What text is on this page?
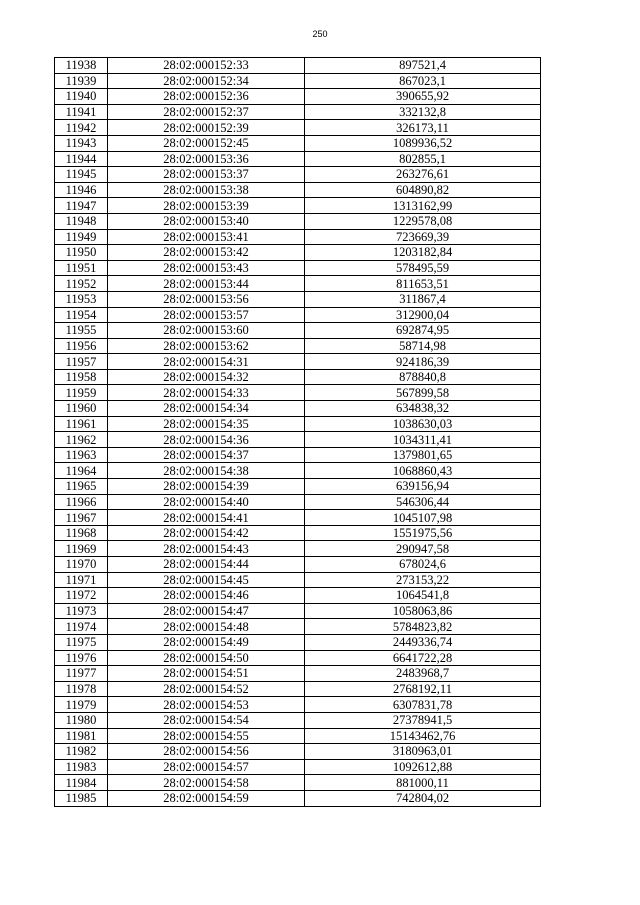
250
11938	28:02:000152:33	897521,4
11939	28:02:000152:34	867023,1
11940	28:02:000152:36	390655,92
11941	28:02:000152:37	332132,8
11942	28:02:000152:39	326173,11
11943	28:02:000152:45	1089936,52
11944	28:02:000153:36	802855,1
11945	28:02:000153:37	263276,61
11946	28:02:000153:38	604890,82
11947	28:02:000153:39	1313162,99
11948	28:02:000153:40	1229578,08
11949	28:02:000153:41	723669,39
11950	28:02:000153:42	1203182,84
11951	28:02:000153:43	578495,59
11952	28:02:000153:44	811653,51
11953	28:02:000153:56	311867,4
11954	28:02:000153:57	312900,04
11955	28:02:000153:60	692874,95
11956	28:02:000153:62	58714,98
11957	28:02:000154:31	924186,39
11958	28:02:000154:32	878840,8
11959	28:02:000154:33	567899,58
11960	28:02:000154:34	634838,32
11961	28:02:000154:35	1038630,03
11962	28:02:000154:36	1034311,41
11963	28:02:000154:37	1379801,65
11964	28:02:000154:38	1068860,43
11965	28:02:000154:39	639156,94
11966	28:02:000154:40	546306,44
11967	28:02:000154:41	1045107,98
11968	28:02:000154:42	1551975,56
11969	28:02:000154:43	290947,58
11970	28:02:000154:44	678024,6
11971	28:02:000154:45	273153,22
11972	28:02:000154:46	1064541,8
11973	28:02:000154:47	1058063,86
11974	28:02:000154:48	5784823,82
11975	28:02:000154:49	2449336,74
11976	28:02:000154:50	6641722,28
11977	28:02:000154:51	2483968,7
11978	28:02:000154:52	2768192,11
11979	28:02:000154:53	6307831,78
11980	28:02:000154:54	27378941,5
11981	28:02:000154:55	15143462,76
11982	28:02:000154:56	3180963,01
11983	28:02:000154:57	1092612,88
11984	28:02:000154:58	881000,11
11985	28:02:000154:59	742804,02
